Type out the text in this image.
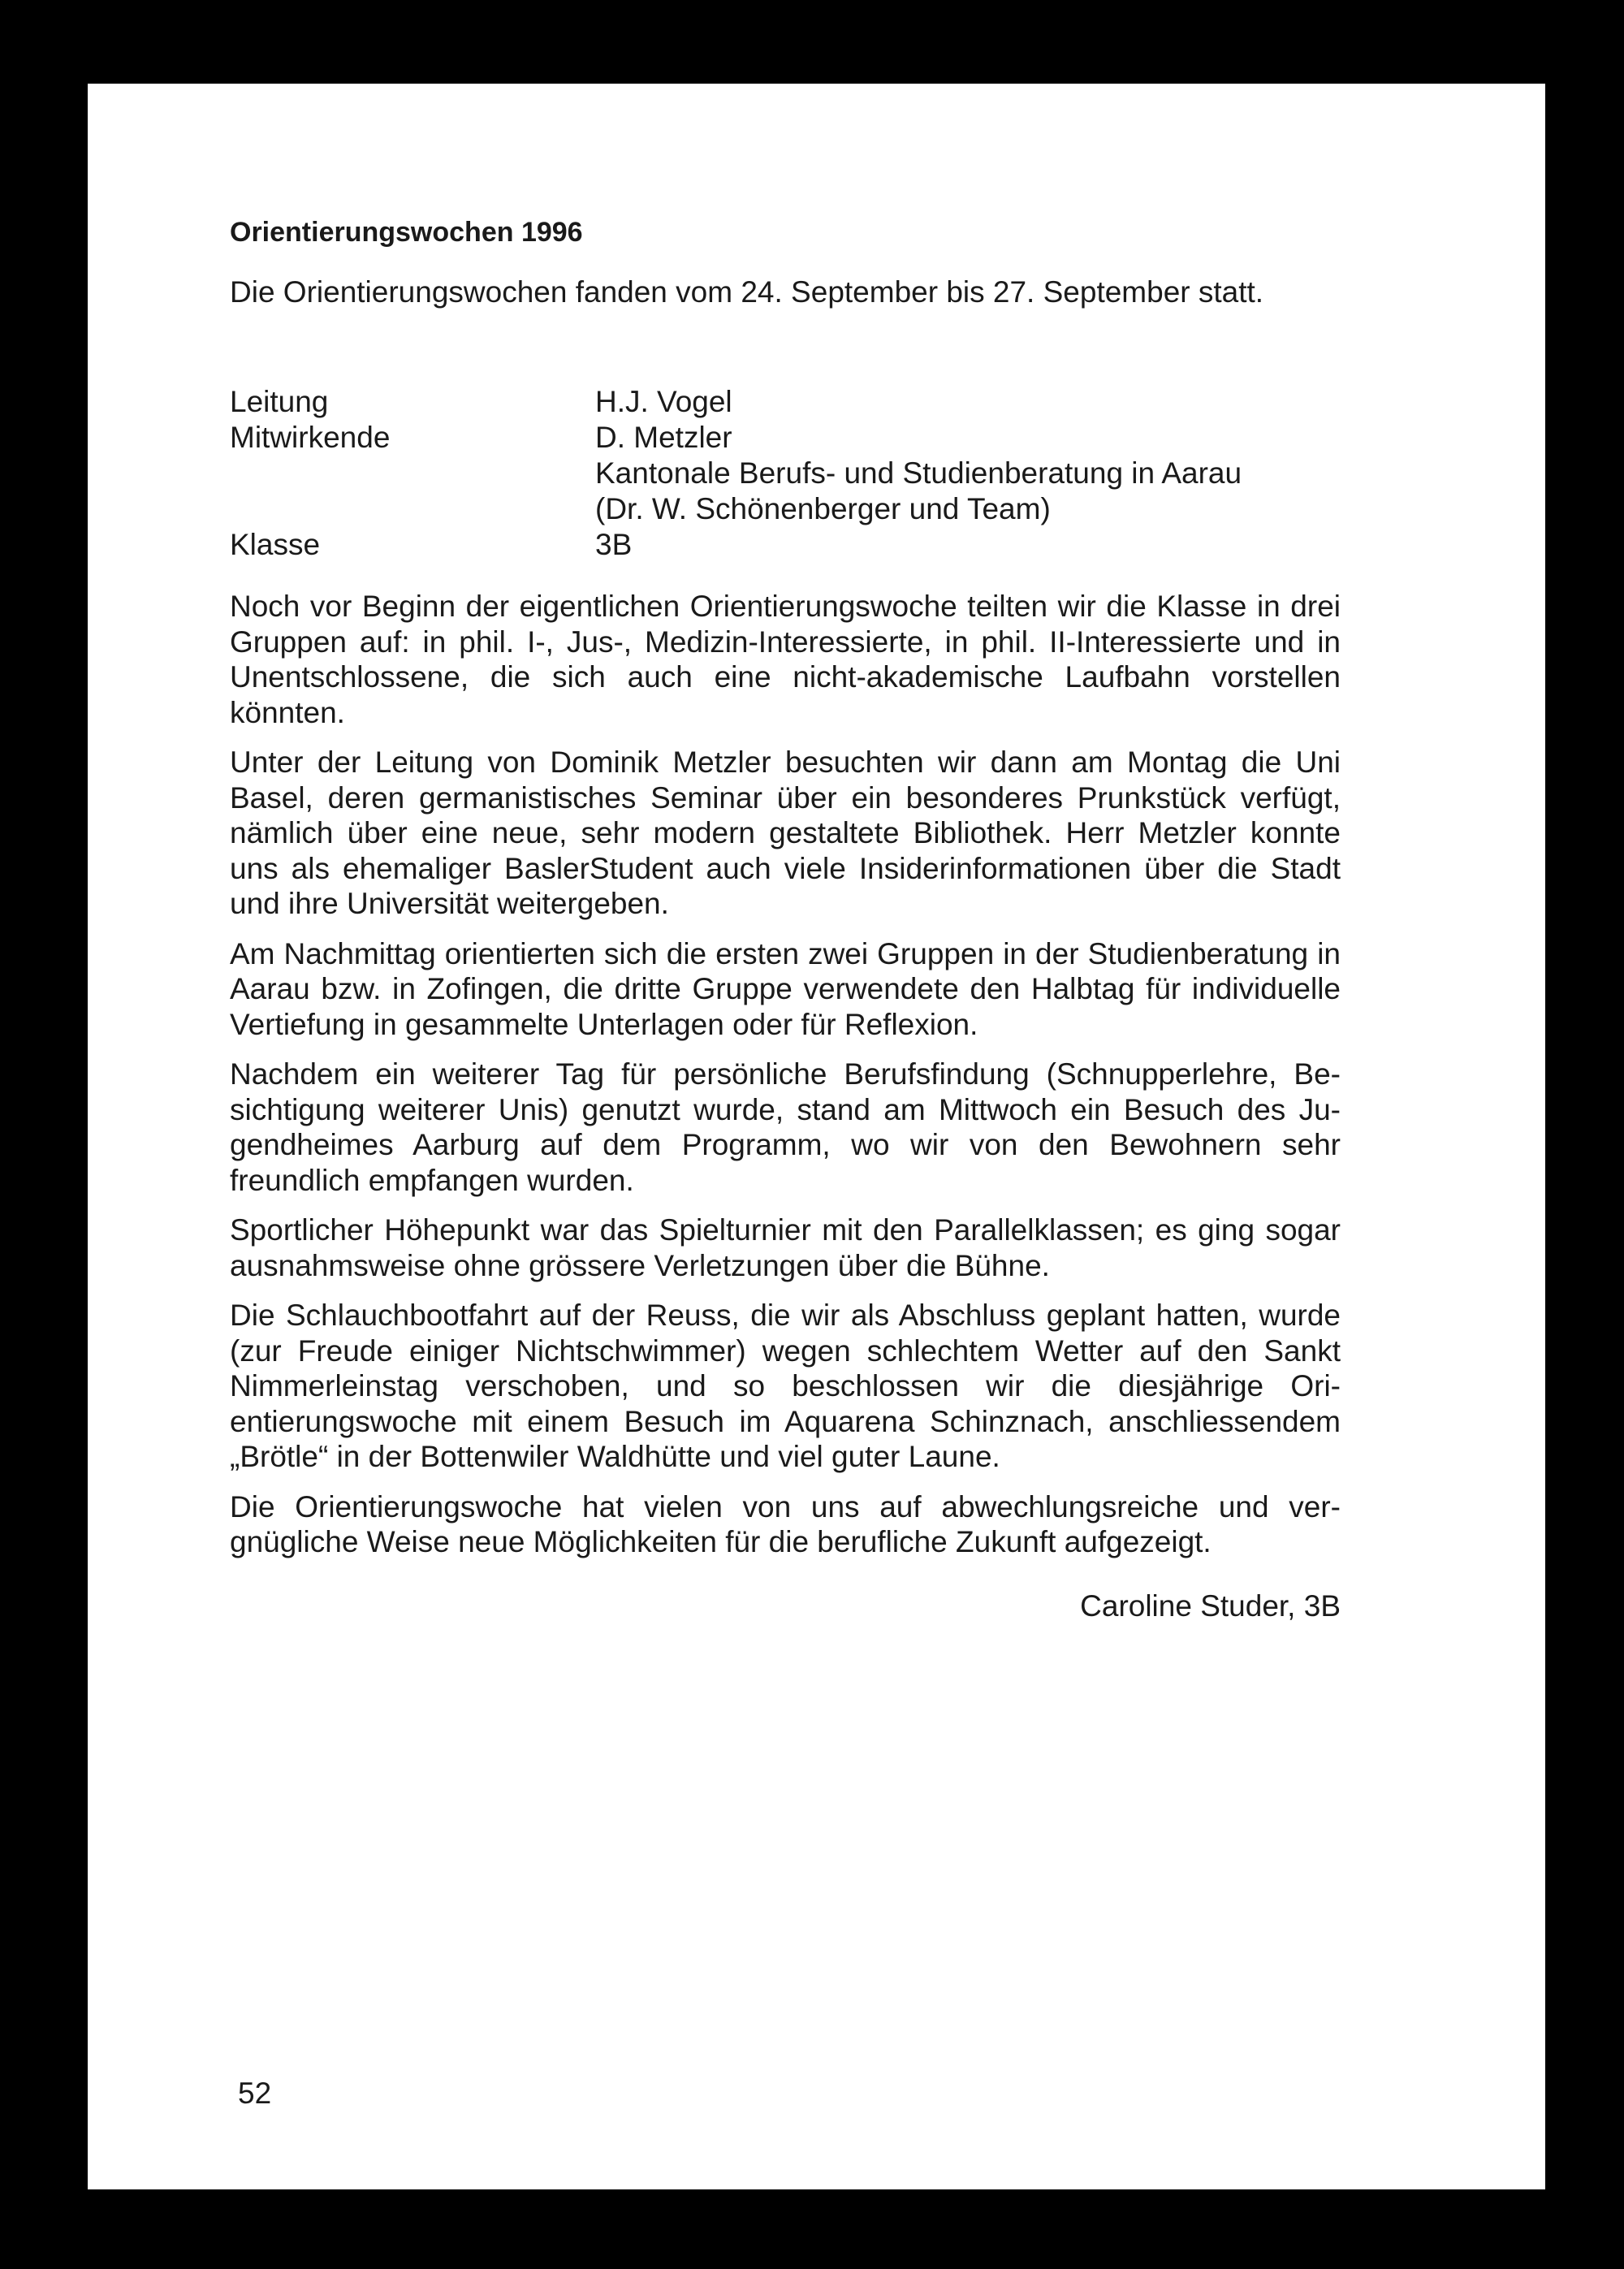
Orientierungswochen 1996

Die Orientierungswochen fanden vom 24. September bis 27. September statt.

Leitung	H.J. Vogel
Mitwirkende	D. Metzler
Kantonale Berufs- und Studienberatung in Aarau
(Dr. W. Schönenberger und Team)
Klasse	3B

Noch vor Beginn der eigentlichen Orientierungswoche teilten wir die Klasse in drei Gruppen auf: in phil. I-, Jus-, Medizin-Interessierte, in phil. II-Interessierte und in Unentschlossene, die sich auch eine nicht-akademische Laufbahn vorstellen könnten.

Unter der Leitung von Dominik Metzler besuchten wir dann am Montag die Uni Basel, deren germanistisches Seminar über ein besonderes Prunkstück verfügt, nämlich über eine neue, sehr modern gestaltete Bibliothek. Herr Metzler konnte uns als ehemaliger BaslerStudent auch viele Insiderinformationen über die Stadt und ihre Universität weitergeben.

Am Nachmittag orientierten sich die ersten zwei Gruppen in der Studienberatung in Aarau bzw. in Zofingen, die dritte Gruppe verwendete den Halbtag für individuelle Vertiefung in gesammelte Unterlagen oder für Reflexion.

Nachdem ein weiterer Tag für persönliche Berufsfindung (Schnupperlehre, Besichtigung weiterer Unis) genutzt wurde, stand am Mittwoch ein Besuch des Jugendheimes Aarburg auf dem Programm, wo wir von den Bewohnern sehr freundlich empfangen wurden.

Sportlicher Höhepunkt war das Spielturnier mit den Parallelklassen; es ging sogar ausnahmsweise ohne grössere Verletzungen über die Bühne.

Die Schlauchbootfahrt auf der Reuss, die wir als Abschluss geplant hatten, wurde (zur Freude einiger Nichtschwimmer) wegen schlechtem Wetter auf den Sankt Nimmerleinstag verschoben, und so beschlossen wir die diesjährige Orientierungswoche mit einem Besuch im Aquarena Schinznach, anschliessendem „Brötle“ in der Bottenwiler Waldhütte und viel guter Laune.

Die Orientierungswoche hat vielen von uns auf abwechlungsreiche und vergnügliche Weise neue Möglichkeiten für die berufliche Zukunft aufgezeigt.

Caroline Studer, 3B
52
